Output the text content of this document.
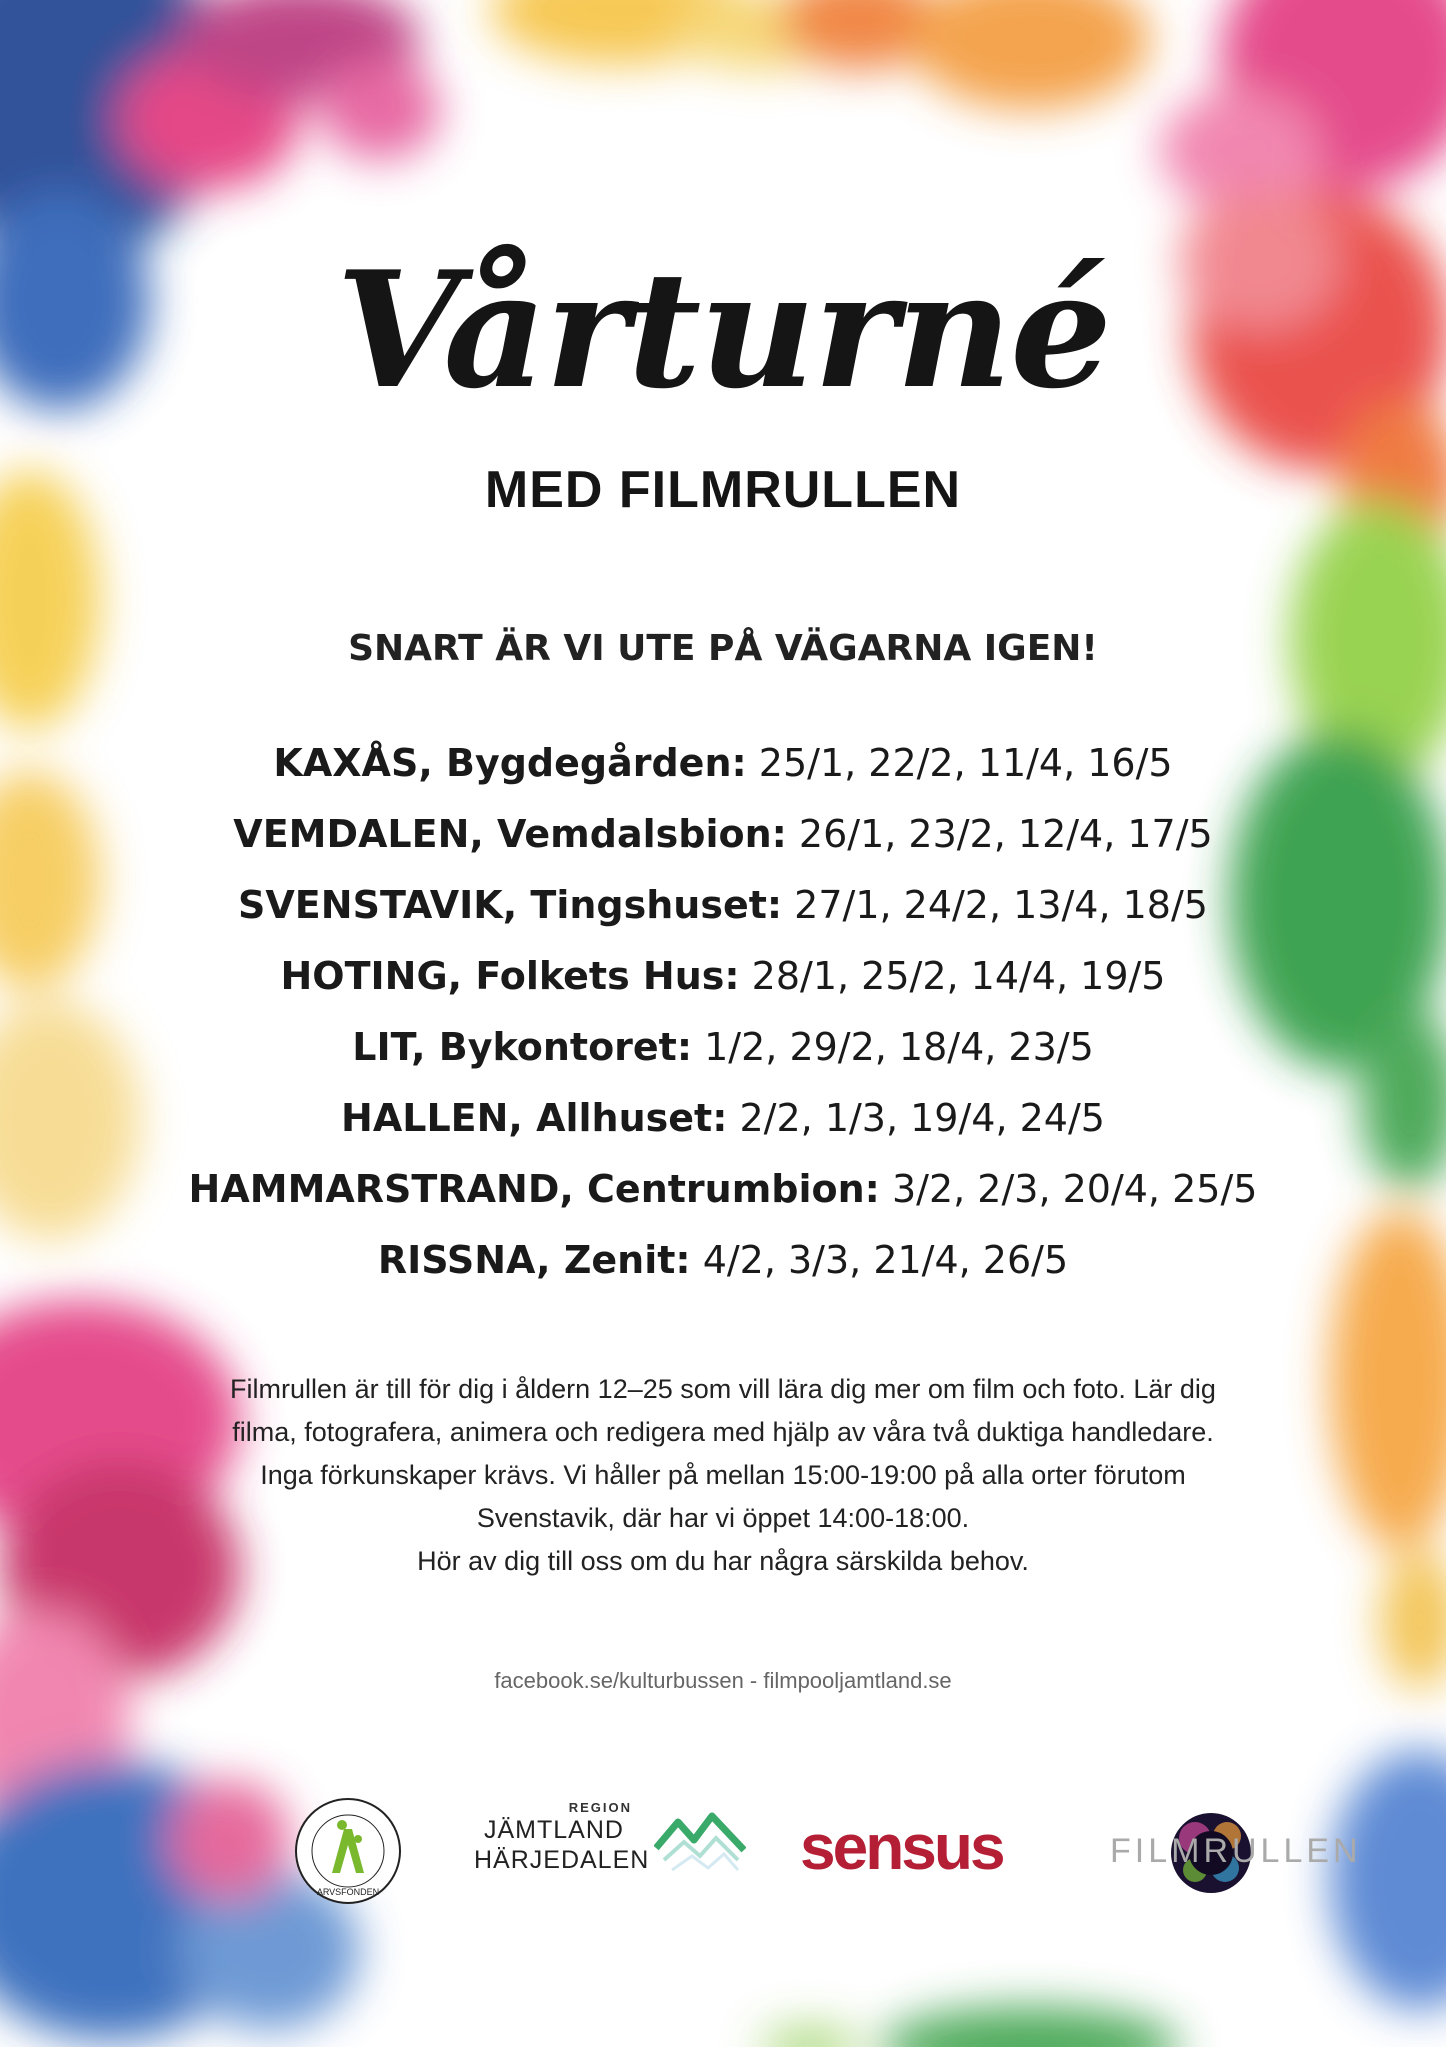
Vårturné
MED FILMRULLEN
SNART ÄR VI UTE PÅ VÄGARNA IGEN!
KAXÅS, Bygdegården: 25/1, 22/2, 11/4, 16/5
VEMDALEN, Vemdalsbion: 26/1, 23/2, 12/4, 17/5
SVENSTAVIK, Tingshuset: 27/1, 24/2, 13/4, 18/5
HOTING, Folkets Hus: 28/1, 25/2, 14/4, 19/5
LIT, Bykontoret: 1/2, 29/2, 18/4, 23/5
HALLEN, Allhuset: 2/2, 1/3, 19/4, 24/5
HAMMARSTRAND, Centrumbion: 3/2, 2/3, 20/4, 25/5
RISSNA, Zenit: 4/2, 3/3, 21/4, 26/5
Filmrullen är till för dig i åldern 12–25 som vill lära dig mer om film och foto. Lär dig
filma, fotografera, animera och redigera med hjälp av våra två duktiga handledare.
Inga förkunskaper krävs. Vi håller på mellan 15:00-19:00 på alla orter förutom
Svenstavik, där har vi öppet 14:00-18:00.
Hör av dig till oss om du har några särskilda behov.
facebook.se/kulturbussen - filmpooljamtland.se
ARVSFONDEN
REGION
JÄMTLAND
HÄRJEDALEN sensus	FILMRULLEN
